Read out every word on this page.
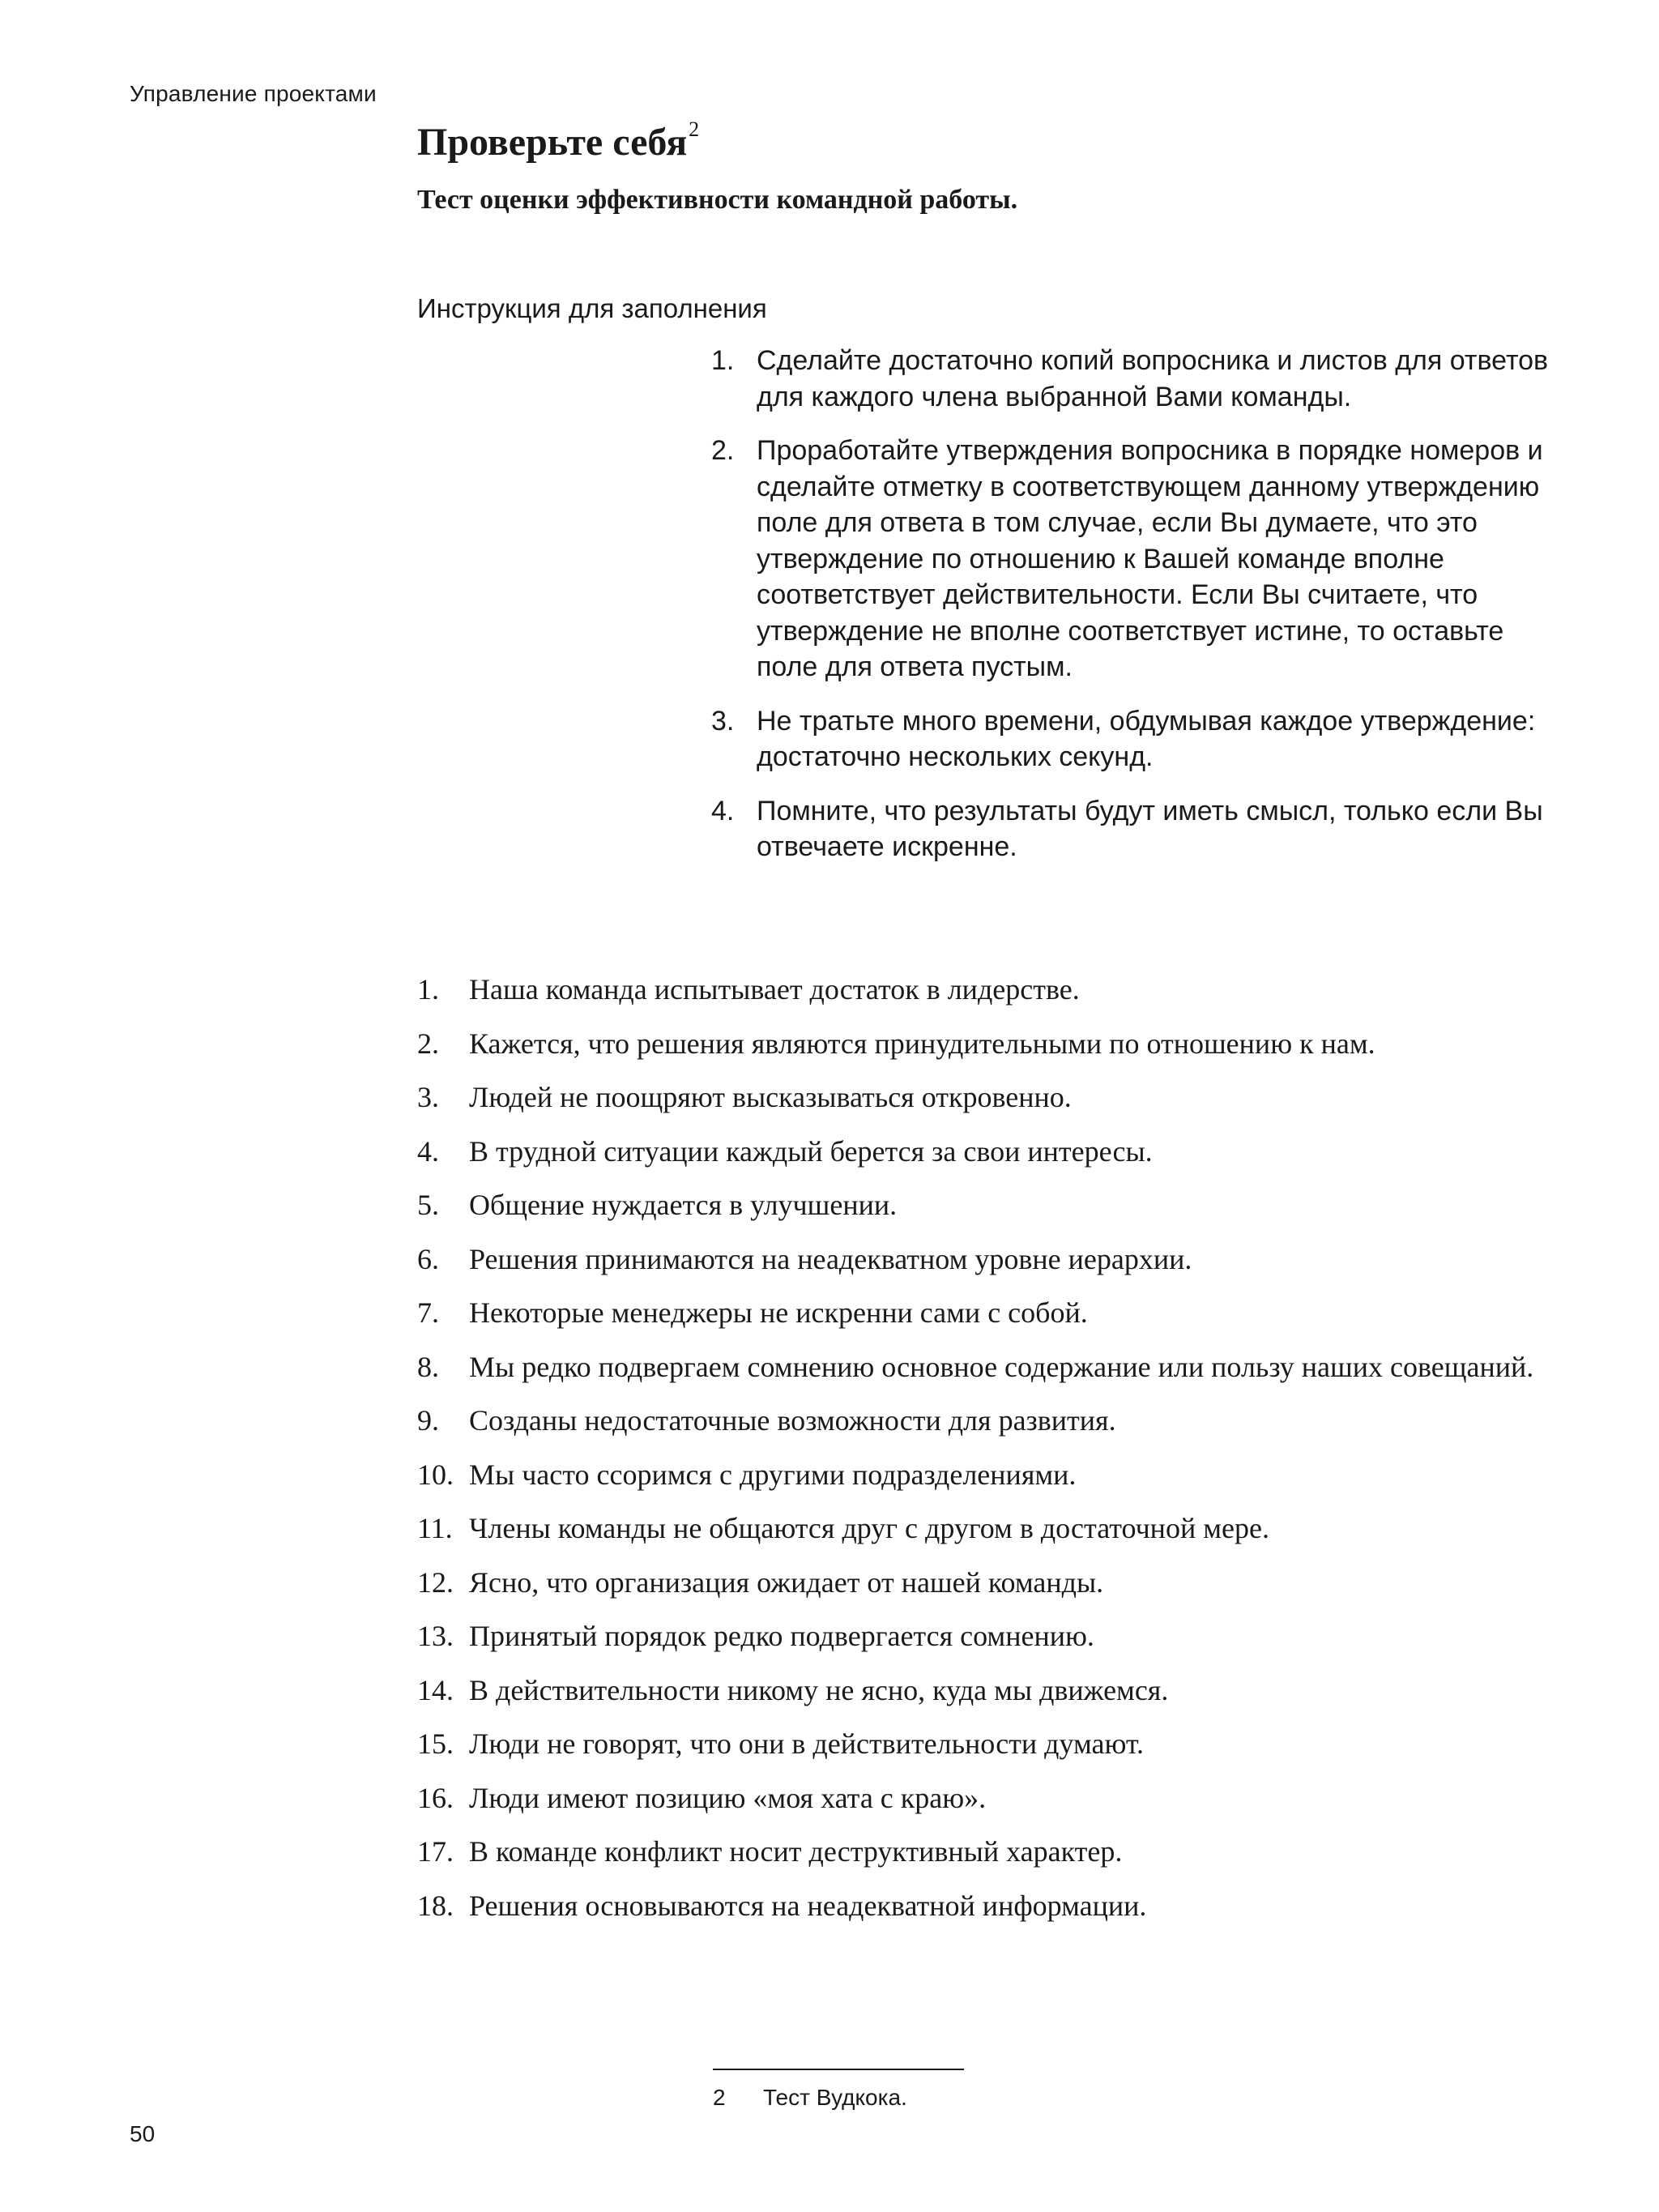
Управление проектами
Проверьте себя$^2$
Тест оценки эффективности командной работы.
Инструкция для заполнения
1. Сделайте достаточно копий вопросника и листов для ответов для каждого члена выбранной Вами команды.
2. Проработайте утверждения вопросника в порядке номеров и сделайте отметку в соответствующем данному утверждению поле для ответа в том случае, если Вы думаете, что это утверждение по отношению к Вашей команде вполне соответствует действительности. Если Вы считаете, что утверждение не вполне соответствует истине, то оставьте поле для ответа пустым.
3. Не тратьте много времени, обдумывая каждое утверждение: достаточно нескольких секунд.
4. Помните, что результаты будут иметь смысл, только если Вы отвечаете искренне.
1. Наша команда испытывает достаток в лидерстве.
2. Кажется, что решения являются принудительными по отношению к нам.
3. Людей не поощряют высказываться откровенно.
4. В трудной ситуации каждый берется за свои интересы.
5. Общение нуждается в улучшении.
6. Решения принимаются на неадекватном уровне иерархии.
7. Некоторые менеджеры не искренни сами с собой.
8. Мы редко подвергаем сомнению основное содержание или пользу наших совещаний.
9. Созданы недостаточные возможности для развития.
10. Мы часто ссоримся с другими подразделениями.
11. Члены команды не общаются друг с другом в достаточной мере.
12. Ясно, что организация ожидает от нашей команды.
13. Принятый порядок редко подвергается сомнению.
14. В действительности никому не ясно, куда мы движемся.
15. Люди не говорят, что они в действительности думают.
16. Люди имеют позицию «моя хата с краю».
17. В команде конфликт носит деструктивный характер.
18. Решения основываются на неадекватной информации.
2 Тест Вудкока.
50
